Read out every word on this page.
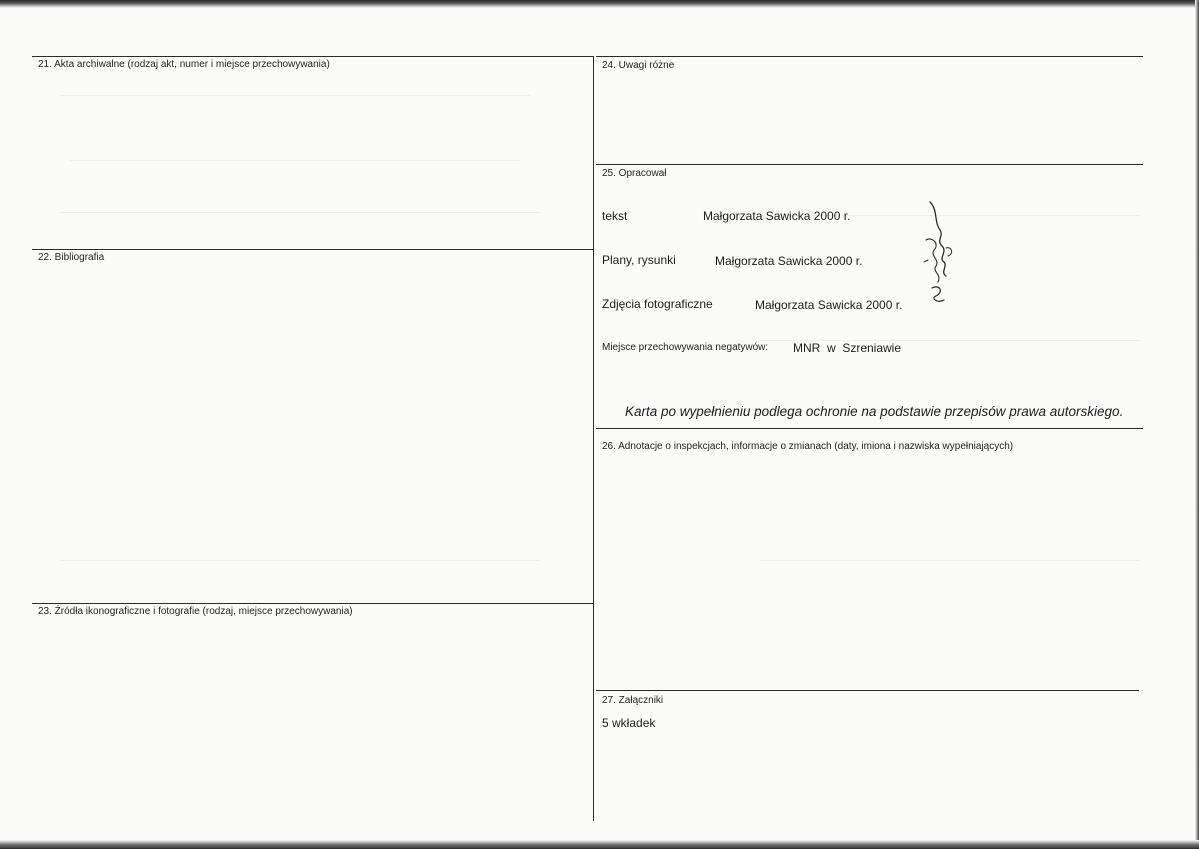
21. Akta archiwalne (rodzaj akt, numer i miejsce przechowywania)
22. Bibliografia
23. Źródła ikonograficzne i fotografie (rodzaj, miejsce przechowywania)
24. Uwagi różne
25. Opracował
tekst	Małgorzata Sawicka 2000 r.
Plany, rysunki	Małgorzata Sawicka 2000 r.
Zdjęcia fotograficzne	Małgorzata Sawicka 2000 r.
Miejsce przechowywania negatywów: MNR  w  Szreniawie
Karta po wypełnieniu podlega ochronie na podstawie przepisów prawa autorskiego.
26. Adnotacje o inspekcjach, informacje o zmianach (daty, imiona i nazwiska wypełniających)
27. Załączniki
5 wkładek
